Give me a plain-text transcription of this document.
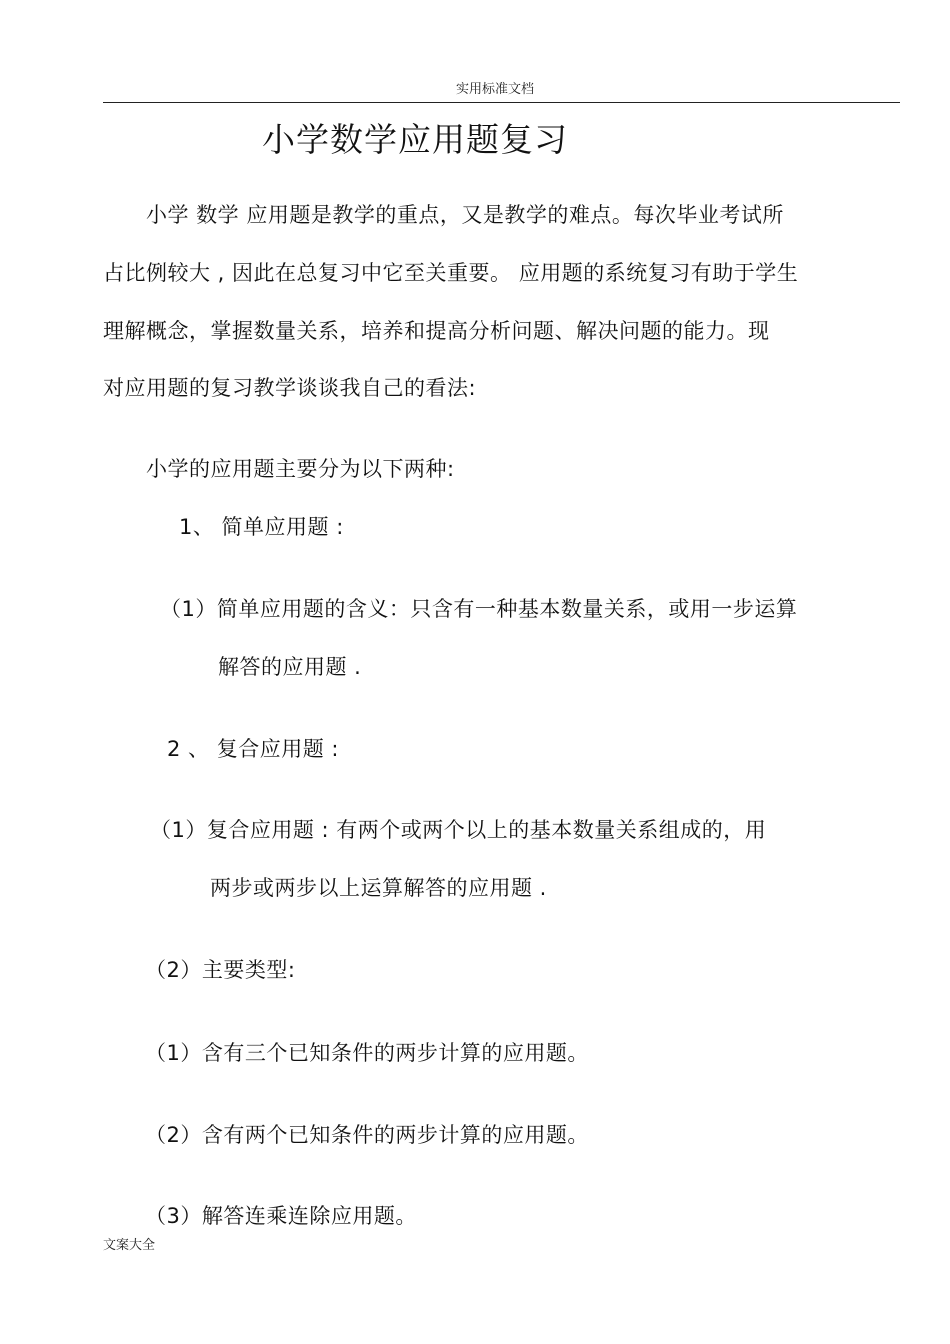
实用标准文档
小学数学应用题复习
小学 数学 应用题是教学的重点，又是教学的难点。每次毕业考试所
占比例较大 , 因此在总复习中它至关重要。 应用题的系统复习有助于学生
理解概念，掌握数量关系，培养和提高分析问题、解决问题的能力。现
对应用题的复习教学谈谈我自己的看法:
小学的应用题主要分为以下两种:
1、 简单应用题 :
（1）简单应用题的含义：只含有一种基本数量关系，或用一步运算
解答的应用题 .
2 、 复合应用题 :
（1）复合应用题 : 有两个或两个以上的基本数量关系组成的，用
两步或两步以上运算解答的应用题 .
（2）主要类型:
（1）含有三个已知条件的两步计算的应用题。
（2）含有两个已知条件的两步计算的应用题。
（3）解答连乘连除应用题。
文案大全
